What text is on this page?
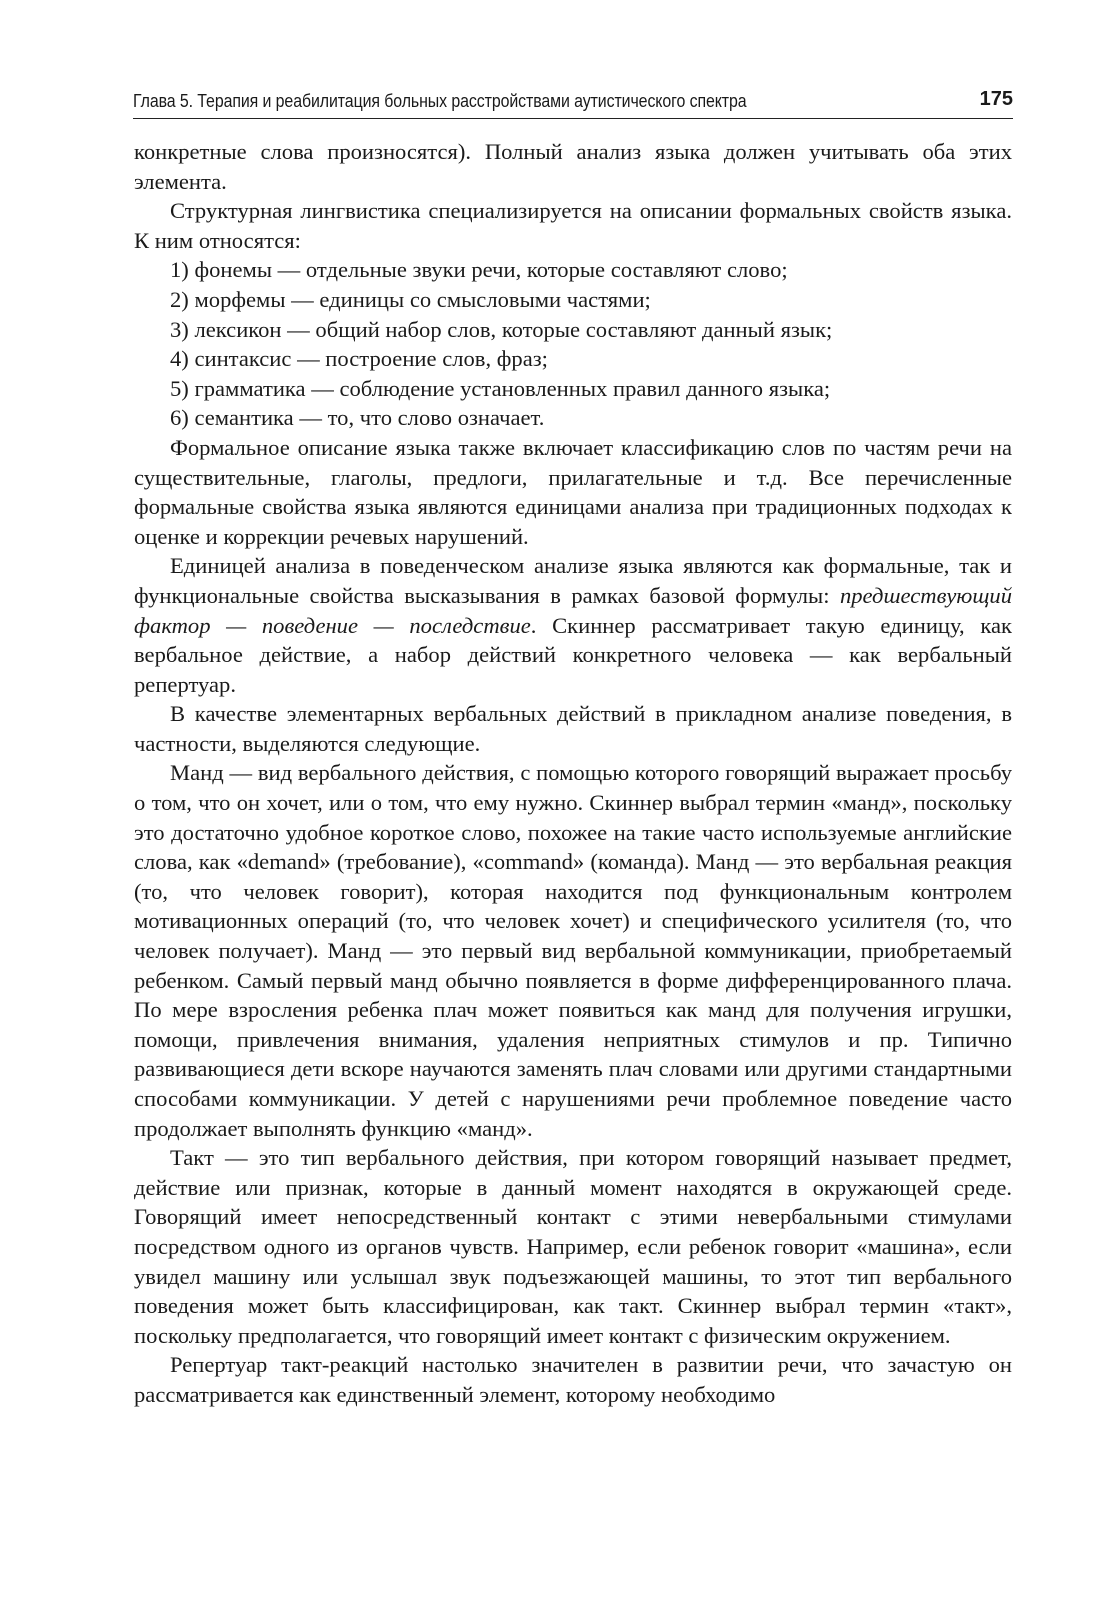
Глава 5. Терапия и реабилитация больных расстройствами аутистического спектра	175

конкретные слова произносятся). Полный анализ языка должен учитывать оба этих элемента.

Структурная лингвистика специализируется на описании формальных свойств языка. К ним относятся:

1) фонемы — отдельные звуки речи, которые составляют слово;
2) морфемы — единицы со смысловыми частями;
3) лексикон — общий набор слов, которые составляют данный язык;
4) синтаксис — построение слов, фраз;
5) грамматика — соблюдение установленных правил данного языка;
6) семантика — то, что слово означает.

Формальное описание языка также включает классификацию слов по частям речи на существительные, глаголы, предлоги, прилагательные и т.д. Все перечисленные формальные свойства языка являются единицами анализа при традиционных подходах к оценке и коррекции речевых нарушений.

Единицей анализа в поведенческом анализе языка являются как формальные, так и функциональные свойства высказывания в рамках базовой формулы: предшествующий фактор — поведение — последствие. Скиннер рассматривает такую единицу, как вербальное действие, а набор действий конкретного человека — как вербальный репертуар.

В качестве элементарных вербальных действий в прикладном анализе поведения, в частности, выделяются следующие.

Манд — вид вербального действия, с помощью которого говорящий выражает просьбу о том, что он хочет, или о том, что ему нужно. Скиннер выбрал термин «манд», поскольку это достаточно удобное короткое слово, похожее на такие часто используемые английские слова, как «demand» (требование), «command» (команда). Манд — это вербальная реакция (то, что человек говорит), которая находится под функциональным контролем мотивационных операций (то, что человек хочет) и специфического усилителя (то, что человек получает). Манд — это первый вид вербальной коммуникации, приобретаемый ребенком. Самый первый манд обычно появляется в форме дифференцированного плача. По мере взросления ребенка плач может появиться как манд для получения игрушки, помощи, привлечения внимания, удаления неприятных стимулов и пр. Типично развивающиеся дети вскоре научаются заменять плач словами или другими стандартными способами коммуникации. У детей с нарушениями речи проблемное поведение часто продолжает выполнять функцию «манд».

Такт — это тип вербального действия, при котором говорящий называет предмет, действие или признак, которые в данный момент находятся в окружающей среде. Говорящий имеет непосредственный контакт с этими невербальными стимулами посредством одного из органов чувств. Например, если ребенок говорит «машина», если увидел машину или услышал звук подъезжающей машины, то этот тип вербального поведения может быть классифицирован, как такт. Скиннер выбрал термин «такт», поскольку предполагается, что говорящий имеет контакт с физическим окружением.

Репертуар такт-реакций настолько значителен в развитии речи, что зачастую он рассматривается как единственный элемент, которому необходимо
